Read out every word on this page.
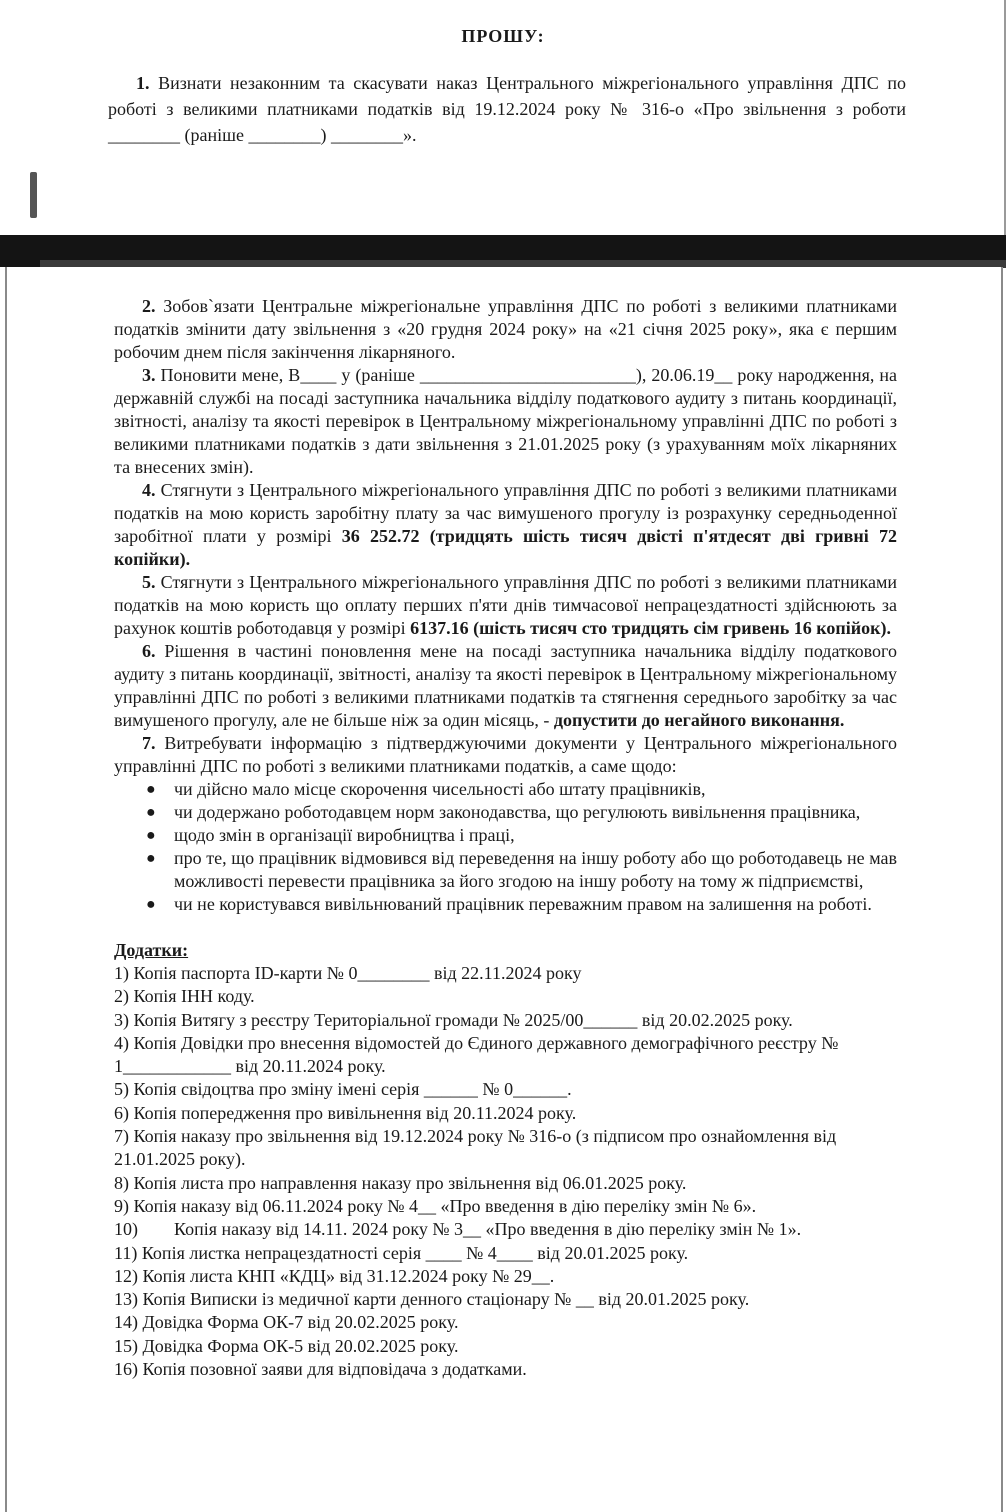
ПРОШУ:
1. Визнати незаконним та скасувати наказ Центрального міжрегіонального управління ДПС по роботі з великими платниками податків від 19.12.2024 року № 316-о «Про звільнення з роботи ________ (раніше ________) ________».

2. Зобов`язати Центральне міжрегіональне управління ДПС по роботі з великими платниками податків змінити дату звільнення з «20 грудня 2024 року» на «21 січня 2025 року», яка є першим робочим днем після закінчення лікарняного.

3. Поновити мене, В____ у (раніше ________________________), 20.06.19__ року народження, на державній службі на посаді заступника начальника відділу податкового аудиту з питань координації, звітності, аналізу та якості перевірок в Центральному міжрегіональному управлінні ДПС по роботі з великими платниками податків з дати звільнення з 21.01.2025 року (з урахуванням моїх лікарняних та внесених змін).

4. Стягнути з Центрального міжрегіонального управління ДПС по роботі з великими платниками податків на мою користь заробітну плату за час вимушеного прогулу із розрахунку середньоденної заробітної плати у розмірі 36 252.72 (тридцять шість тисяч двісті п'ятдесят дві гривні 72 копійки).

5. Стягнути з Центрального міжрегіонального управління ДПС по роботі з великими платниками податків на мою користь що оплату перших п'яти днів тимчасової непрацездатності здійснюють за рахунок коштів роботодавця у розмірі 6137.16 (шість тисяч сто тридцять сім гривень 16 копійок).

6. Рішення в частині поновлення мене на посаді заступника начальника відділу податкового аудиту з питань координації, звітності, аналізу та якості перевірок в Центральному міжрегіональному управлінні ДПС по роботі з великими платниками податків та стягнення середнього заробітку за час вимушеного прогулу, але не більше ніж за один місяць, - допустити до негайного виконання.

7. Витребувати інформацію з підтверджуючими документи у Центрального міжрегіонального управлінні ДПС по роботі з великими платниками податків, а саме щодо:

● чи дійсно мало місце скорочення чисельності або штату працівників,
● чи додержано роботодавцем норм законодавства, що регулюють вивільнення працівника,
● щодо змін в організації виробництва і праці,
● про те, що працівник відмовився від переведення на іншу роботу або що роботодавець не мав можливості перевести працівника за його згодою на іншу роботу на тому ж підприємстві,
● чи не користувався вивільнюваний працівник переважним правом на залишення на роботі.
Додатки:
1) Копія паспорта ID-карти № 0________ від 22.11.2024 року
2) Копія ІНН коду.
3) Копія Витягу з реєстру Територіальної громади № 2025/00______ від 20.02.2025 року.
4) Копія Довідки про внесення відомостей до Єдиного державного демографічного реєстру № 1____________ від 20.11.2024 року.
5) Копія свідоцтва про зміну імені серія ______ № 0______.
6) Копія попередження про вивільнення від 20.11.2024 року.
7) Копія наказу про звільнення від 19.12.2024 року № 316-о (з підписом про ознайомлення від 21.01.2025 року).
8) Копія листа про направлення наказу про звільнення від 06.01.2025 року.
9) Копія наказу від 06.11.2024 року № 4__ «Про введення в дію переліку змін № 6».
10)        Копія наказу від 14.11. 2024 року № 3__ «Про введення в дію переліку змін № 1».
11) Копія листка непрацездатності серія ____ № 4____ від 20.01.2025 року.
12) Копія листа КНП «КДЦ» від 31.12.2024 року № 29__.
13) Копія Виписки із медичної карти денного стаціонару № __ від 20.01.2025 року.
14) Довідка Форма ОК-7 від 20.02.2025 року.
15) Довідка Форма ОК-5 від 20.02.2025 року.
16) Копія позовної заяви для відповідача з додатками.
